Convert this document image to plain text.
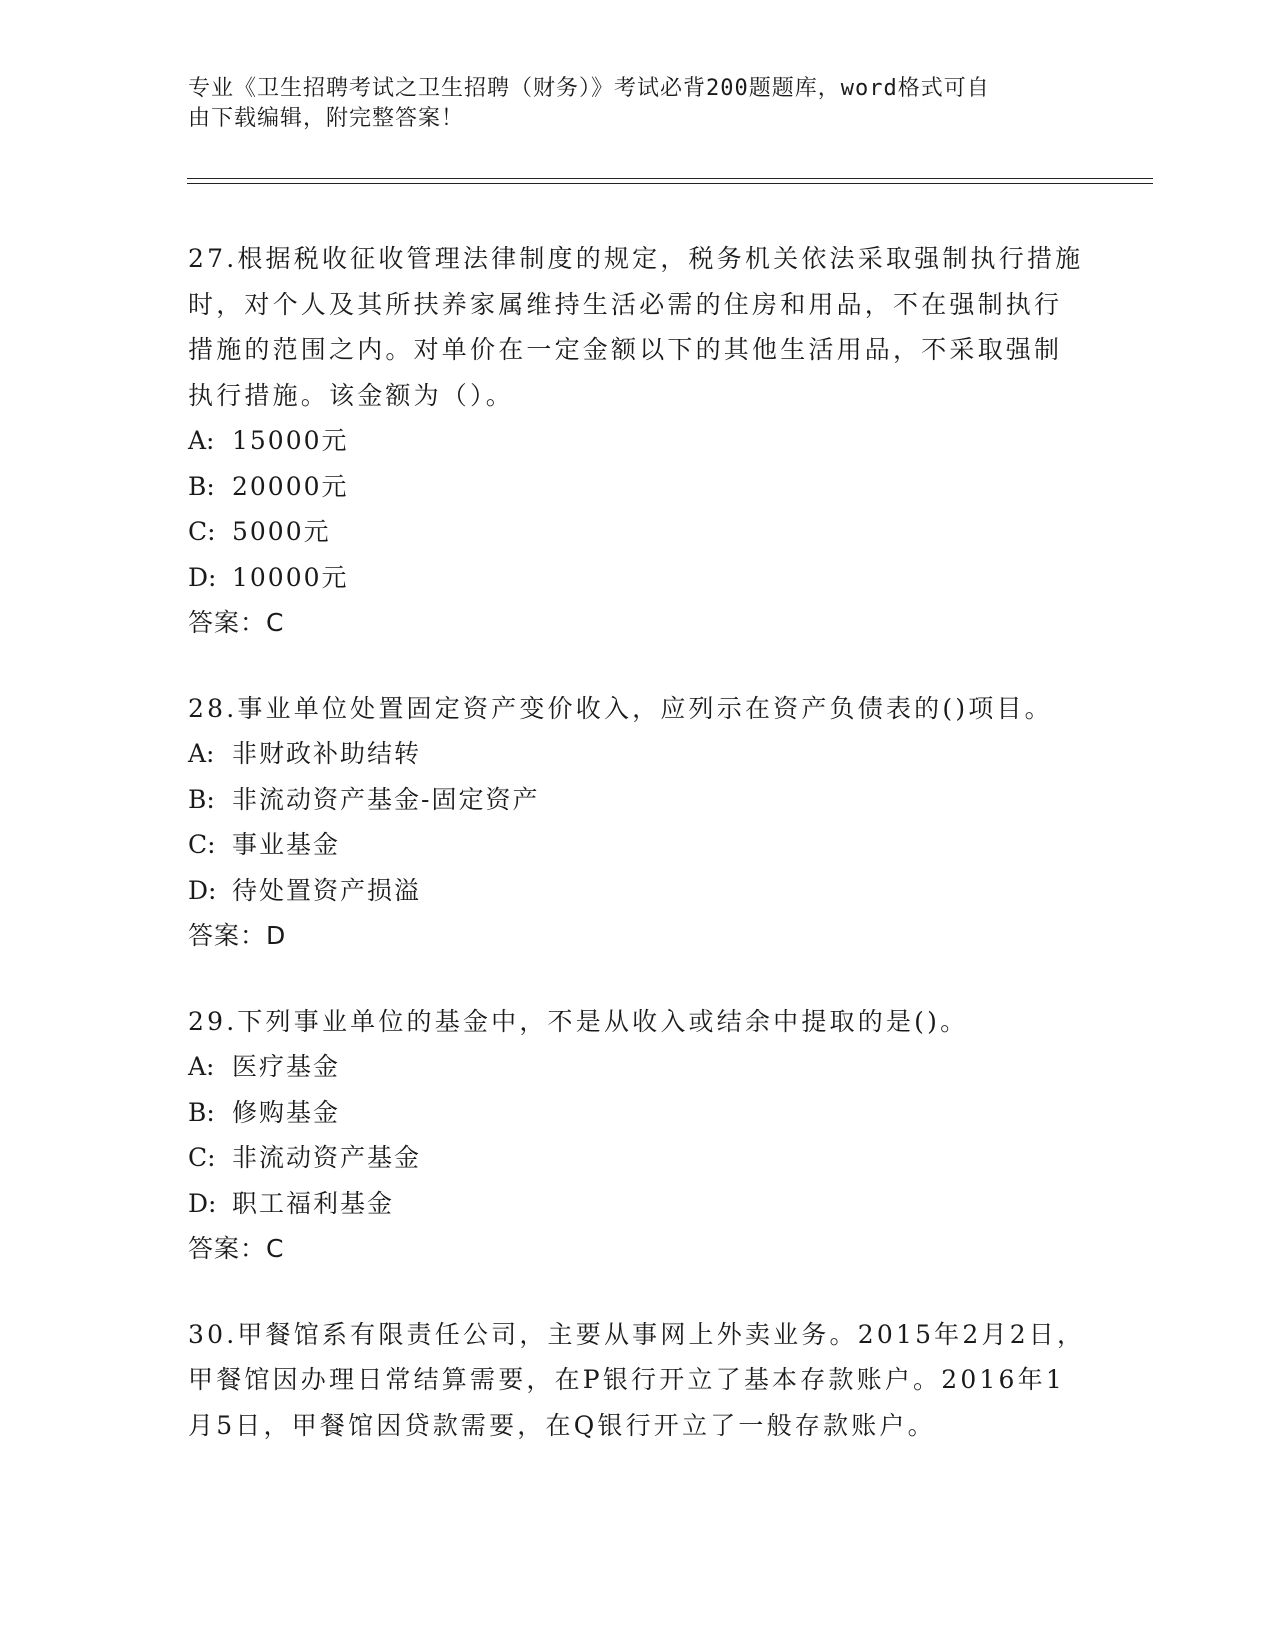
专业《卫生招聘考试之卫生招聘（财务）》考试必背200题题库，word格式可自
由下载编辑，附完整答案！

27.根据税收征收管理法律制度的规定，税务机关依法采取强制执行措施时，对个人及其所扶养家属维持生活必需的住房和用品，不在强制执行措施的范围之内。对单价在一定金额以下的其他生活用品，不采取强制执行措施。该金额为（）。

A: 15000元

B: 20000元

C: 5000元

D: 10000元

答案：C

28.事业单位处置固定资产变价收入，应列示在资产负债表的()项目。

A: 非财政补助结转

B: 非流动资产基金-固定资产

C: 事业基金

D: 待处置资产损溢

答案：D

29.下列事业单位的基金中，不是从收入或结余中提取的是()。

A: 医疗基金

B: 修购基金

C: 非流动资产基金

D: 职工福利基金

答案：C

30.甲餐馆系有限责任公司，主要从事网上外卖业务。2015年2月2日，甲餐馆因办理日常结算需要，在P银行开立了基本存款账户。2016年1月5日，甲餐馆因贷款需要，在Q银行开立了一般存款账户。
